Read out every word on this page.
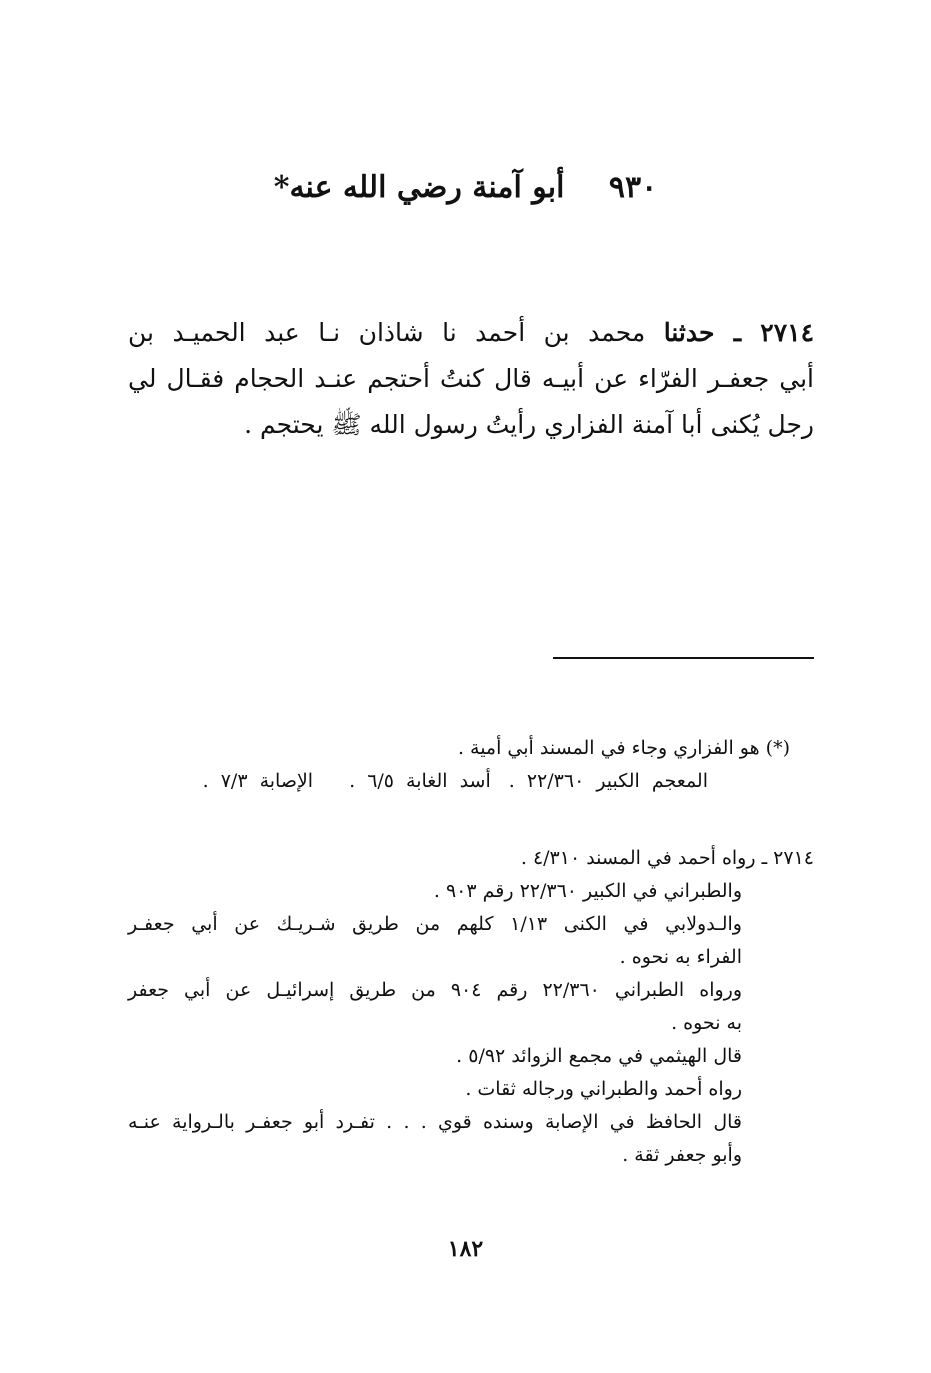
٩٣٠ أبو آمنة رضي الله عنه*
٢٧١٤ ـ حدثنا محمد بن أحمد نا شاذان نـا عبد الحميـد بن
أبي جعفـر الفرّاء عن أبيـه قال كنتُ أحتجم عنـد الحجام فقـال لي
رجل يُكنى أبا آمنة الفزاري رأيتُ رسول الله ﷺ يحتجم .
(*) هو الفزاري وجاء في المسند أبي أمية .
المعجم الكبير ٢٢/٣٦٠ .أسد الغابة ٦/٥ .الإصابة ٧/٣ .
٢٧١٤ ـ رواه أحمد في المسند ٤/٣١٠ .
والطبراني في الكبير ٢٢/٣٦٠ رقم ٩٠٣ .
والـدولابي في الكنى ١/١٣ كلهم من طريق شـريـك عن أبي جعفـر
الفراء به نحوه .
ورواه الطبراني ٢٢/٣٦٠ رقم ٩٠٤ من طريق إسرائيـل عن أبي جعفر
به نحوه .
قال الهيثمي في مجمع الزوائد ٥/٩٢ .
رواه أحمد والطبراني ورجاله ثقات .
قال الحافظ في الإصابة وسنده قوي . . . تفـرد أبو جعفـر بالـرواية عنـه
وأبو جعفر ثقة .
١٨٢
